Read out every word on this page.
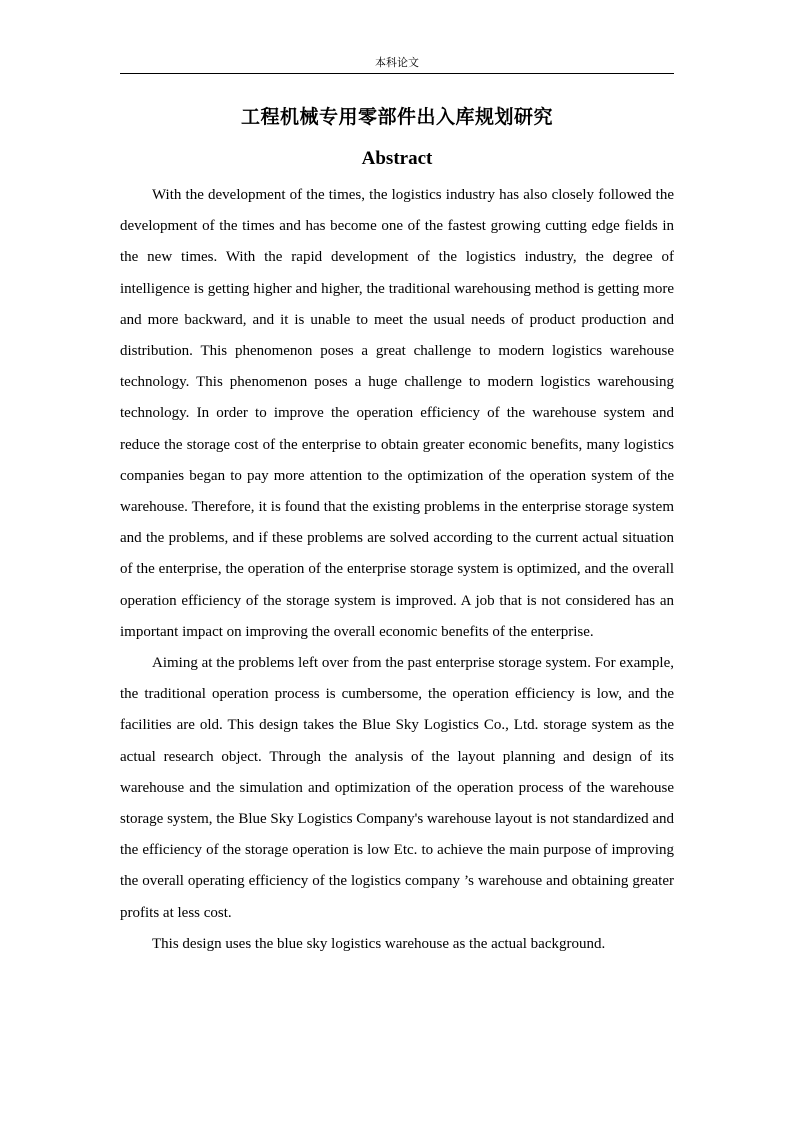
本科论文
工程机械专用零部件出入库规划研究
Abstract

With the development of the times, the logistics industry has also closely followed the development of the times and has become one of the fastest growing cutting edge fields in the new times. With the rapid development of the logistics industry, the degree of intelligence is getting higher and higher, the traditional warehousing method is getting more and more backward, and it is unable to meet the usual needs of product production and distribution. This phenomenon poses a great challenge to modern logistics warehouse technology. This phenomenon poses a huge challenge to modern logistics warehousing technology. In order to improve the operation efficiency of the warehouse system and reduce the storage cost of the enterprise to obtain greater economic benefits, many logistics companies began to pay more attention to the optimization of the operation system of the warehouse. Therefore, it is found that the existing problems in the enterprise storage system and the problems, and if these problems are solved according to the current actual situation of the enterprise, the operation of the enterprise storage system is optimized, and the overall operation efficiency of the storage system is improved. A job that is not considered has an important impact on improving the overall economic benefits of the enterprise.

Aiming at the problems left over from the past enterprise storage system. For example, the traditional operation process is cumbersome, the operation efficiency is low, and the facilities are old. This design takes the Blue Sky Logistics Co., Ltd. storage system as the actual research object. Through the analysis of the layout planning and design of its warehouse and the simulation and optimization of the operation process of the warehouse storage system, the Blue Sky Logistics Company's warehouse layout is not standardized and the efficiency of the storage operation is low Etc. to achieve the main purpose of improving the overall operating efficiency of the logistics company ’s warehouse and obtaining greater profits at less cost.

This design uses the blue sky logistics warehouse as the actual background.
